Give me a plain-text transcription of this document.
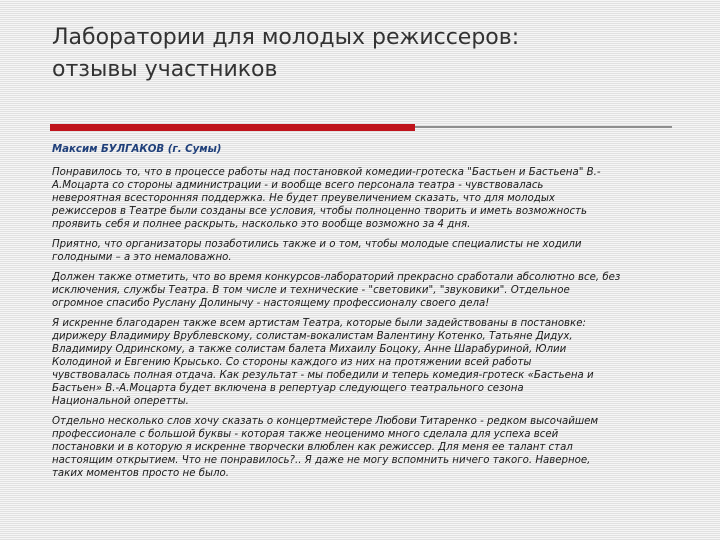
Лаборатории для молодых режиссеров:
отзывы участников

Максим БУЛГАКОВ (г. Сумы)

Понравилось то, что в процессе работы над постановкой комедии-гротеска "Бастьен и Бастьена" В.-
А.Моцарта со стороны администрации - и вообще всего персонала театра - чувствовалась
невероятная всесторонняя поддержка. Не будет преувеличением сказать, что для молодых
режиссеров в Театре были созданы все условия, чтобы полноценно творить и иметь возможность
проявить себя и полнее раскрыть, насколько это вообще возможно за 4 дня.

Приятно, что организаторы позаботились также и о том, чтобы молодые специалисты не ходили
голодными – а это немаловажно.

Должен также отметить, что во время конкурсов-лабораторий прекрасно сработали абсолютно все, без
исключения, службы Театра. В том числе и технические - "световики", "звуковики". Отдельное
огромное спасибо Руслану Долинычу - настоящему профессионалу своего дела!

Я искренне благодарен также всем артистам Театра, которые были задействованы в постановке:
дирижеру Владимиру Врублевскому, солистам-вокалистам Валентину Котенко, Татьяне Дидух,
Владимиру Одринскому, а также солистам балета Михаилу Боцоку, Анне Шарабуриной, Юлии
Колодиной и Евгению Крысько. Со стороны каждого из них на протяжении всей работы
чувствовалась полная отдача. Как результат - мы победили и теперь комедия-гротеск «Бастьена и
Бастьен» В.-А.Моцарта будет включена в репертуар следующего театрального сезона
Национальной оперетты.

Отдельно несколько слов хочу сказать о концертмейстере Любови Титаренко - редком высочайшем
профессионале с большой буквы - которая также неоценимо много сделала для успеха всей
постановки и в которую я искренне творчески влюблен как режиссер. Для меня ее талант стал
настоящим открытием. Что не понравилось?.. Я даже не могу вспомнить ничего такого. Наверное,
таких моментов просто не было.
